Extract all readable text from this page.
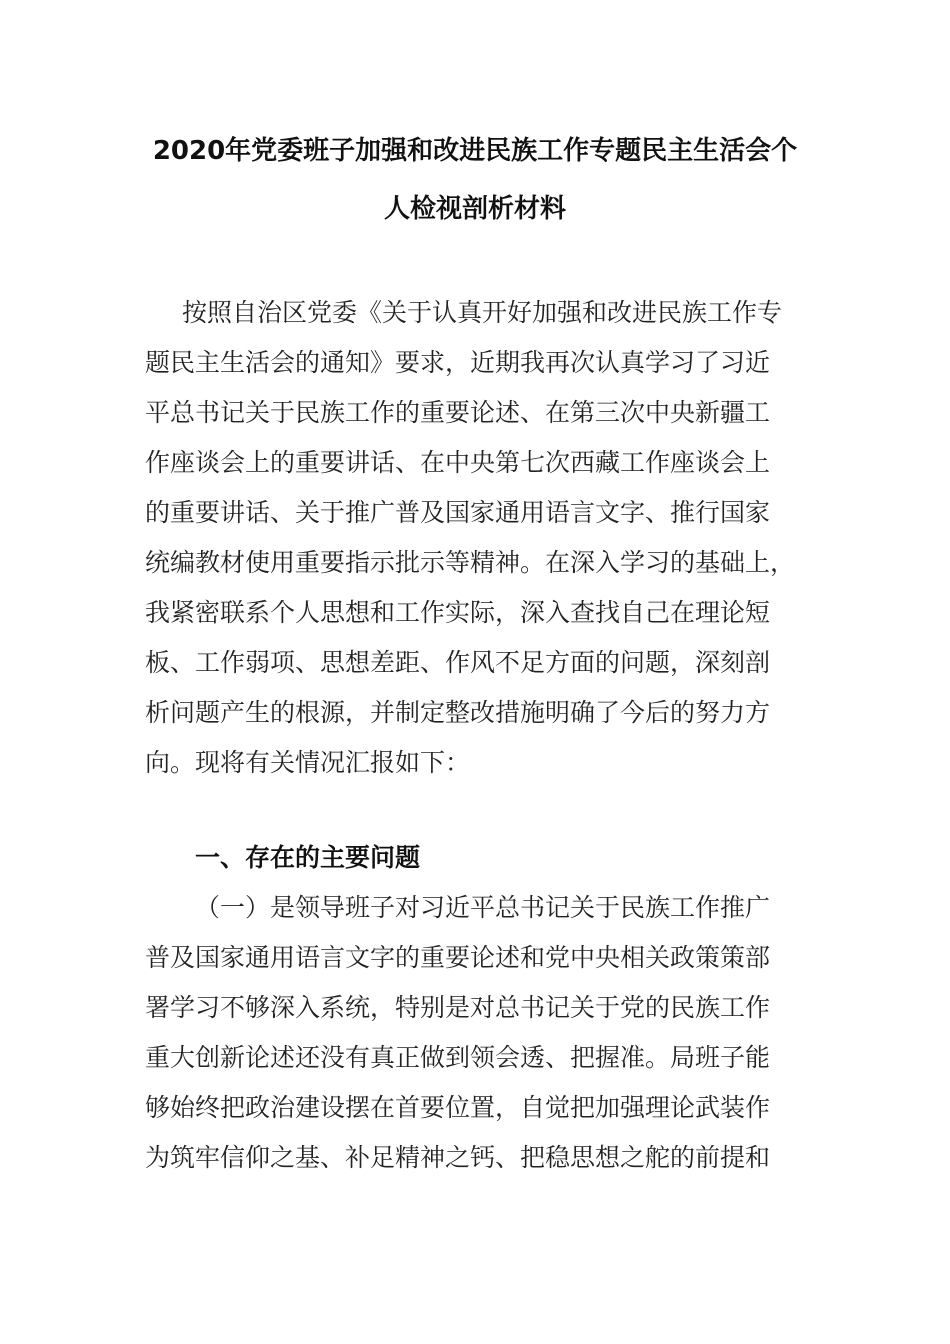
2020年党委班子加强和改进民族工作专题民主生活会个
人检视剖析材料
按照自治区党委《关于认真开好加强和改进民族工作专
题民主生活会的通知》要求，近期我再次认真学习了习近
平总书记关于民族工作的重要论述、在第三次中央新疆工
作座谈会上的重要讲话、在中央第七次西藏工作座谈会上
的重要讲话、关于推广普及国家通用语言文字、推行国家
统编教材使用重要指示批示等精神。在深入学习的基础上，
我紧密联系个人思想和工作实际，深入查找自己在理论短
板、工作弱项、思想差距、作风不足方面的问题，深刻剖
析问题产生的根源，并制定整改措施明确了今后的努力方
向。现将有关情况汇报如下：
一、存在的主要问题
（一）是领导班子对习近平总书记关于民族工作推广
普及国家通用语言文字的重要论述和党中央相关政策策部
署学习不够深入系统，特别是对总书记关于党的民族工作
重大创新论述还没有真正做到领会透、把握准。局班子能
够始终把政治建设摆在首要位置，自觉把加强理论武装作
为筑牢信仰之基、补足精神之钙、把稳思想之舵的前提和
